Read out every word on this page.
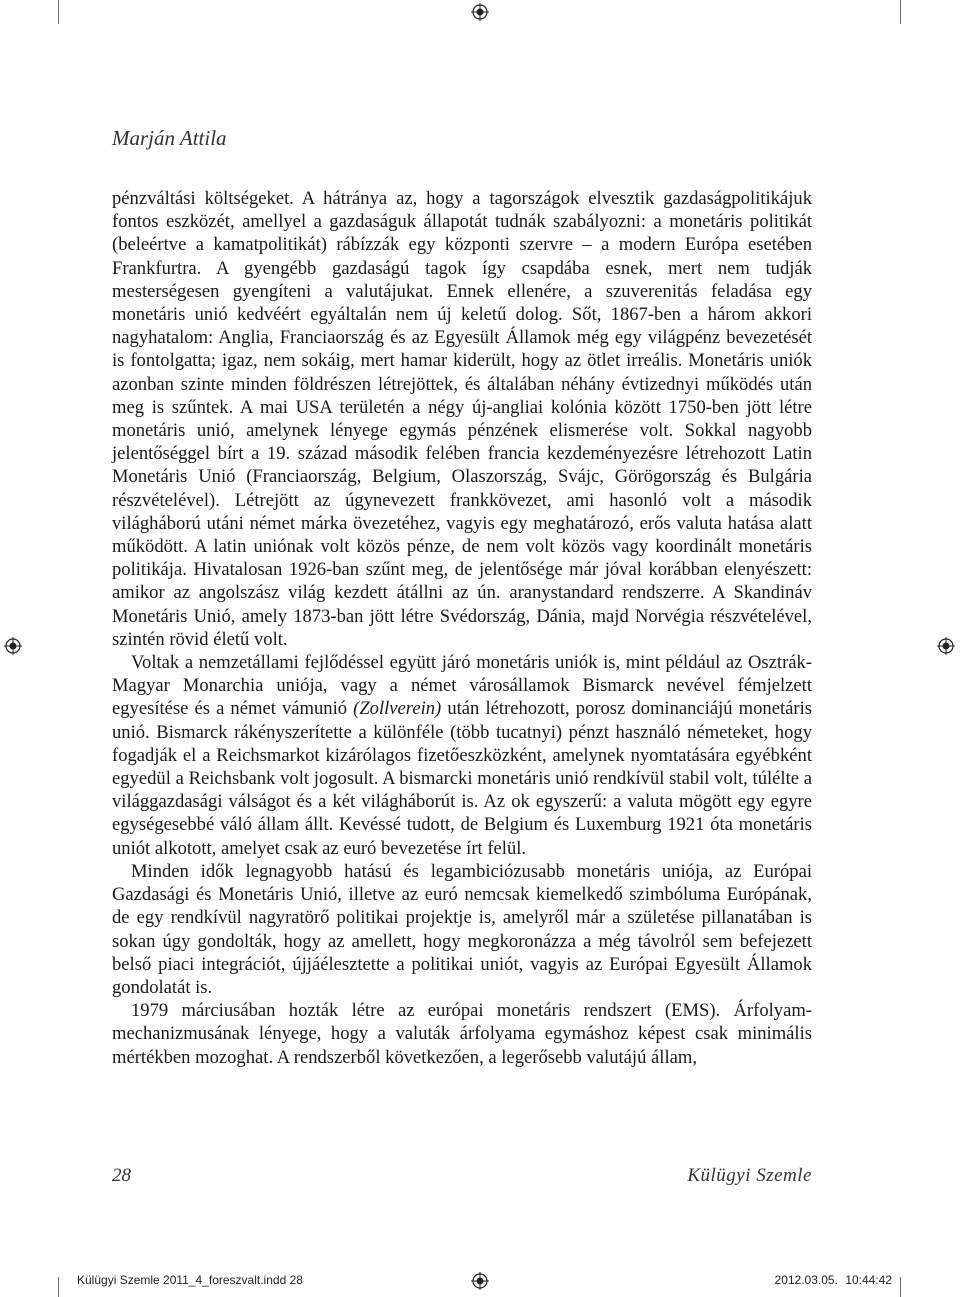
Marján Attila

pénzváltási költségeket. A hátránya az, hogy a tagországok elvesztik gazdaságpolitikájuk fontos eszközét, amellyel a gazdaságuk állapotát tudnák szabályozni: a monetáris politikát (beleértve a kamatpolitikát) rábízzák egy központi szervre – a modern Európa esetében Frankfurtra. A gyengébb gazdaságú tagok így csapdába esnek, mert nem tudják mesterségesen gyengíteni a valutájukat. Ennek ellenére, a szuverenitás feladása egy monetáris unió kedvéért egyáltalán nem új keletű dolog. Sőt, 1867-ben a három akkori nagyhatalom: Anglia, Franciaország és az Egyesült Államok még egy világpénz bevezetését is fontolgatta; igaz, nem sokáig, mert hamar kiderült, hogy az ötlet irreális. Monetáris uniók azonban szinte minden földrészen létrejöttek, és általában néhány évtizednyi működés után meg is szűntek. A mai USA területén a négy új-angliai kolónia között 1750-ben jött létre monetáris unió, amelynek lényege egymás pénzének elismerése volt. Sokkal nagyobb jelentőséggel bírt a 19. század második felében francia kezdeményezésre létrehozott Latin Monetáris Unió (Franciaország, Belgium, Olaszország, Svájc, Görögország és Bulgária részvételével). Létrejött az úgynevezett frankkövezet, ami hasonló volt a második világháború utáni német márka övezetéhez, vagyis egy meghatározó, erős valuta hatása alatt működött. A latin uniónak volt közös pénze, de nem volt közös vagy koordinált monetáris politikája. Hivatalosan 1926-ban szűnt meg, de jelentősége már jóval korábban elenyészett: amikor az angolszász világ kezdett átállni az ún. aranystandard rendszerre. A Skandináv Monetáris Unió, amely 1873-ban jött létre Svédország, Dánia, majd Norvégia részvételével, szintén rövid életű volt.

Voltak a nemzetállami fejlődéssel együtt járó monetáris uniók is, mint például az Osztrák-Magyar Monarchia uniója, vagy a német városállamok Bismarck nevével fémjelzett egyesítése és a német vámunió (Zollverein) után létrehozott, porosz dominanciájú monetáris unió. Bismarck rákényszerítette a különféle (több tucatnyi) pénzt használó németeket, hogy fogadják el a Reichsmarkot kizárólagos fizetőeszközként, amelynek nyomtatására egyébként egyedül a Reichsbank volt jogosult. A bismarcki monetáris unió rendkívül stabil volt, túlélte a világgazdasági válságot és a két világháborút is. Az ok egyszerű: a valuta mögött egy egyre egységesebbé váló állam állt. Kevéssé tudott, de Belgium és Luxemburg 1921 óta monetáris uniót alkotott, amelyet csak az euró bevezetése írt felül.

Minden idők legnagyobb hatású és legambiciózusabb monetáris uniója, az Európai Gazdasági és Monetáris Unió, illetve az euró nemcsak kiemelkedő szimbóluma Európának, de egy rendkívül nagyratörő politikai projektje is, amelyről már a születése pillanatában is sokan úgy gondolták, hogy az amellett, hogy megkoronázza a még távolról sem befejezett belső piaci integrációt, újjáélesztette a politikai uniót, vagyis az Európai Egyesült Államok gondolatát is.

1979 márciusában hozták létre az európai monetáris rendszert (EMS). Árfolyammechanizmusának lényege, hogy a valuták árfolyama egymáshoz képest csak minimális mértékben mozoghat. A rendszerből következően, a legerősebb valutájú állam,

28	Külügyi Szemle
Külügyi Szemle 2011_4_foreszvalt.indd 28	2012.03.05. 10:44:42
